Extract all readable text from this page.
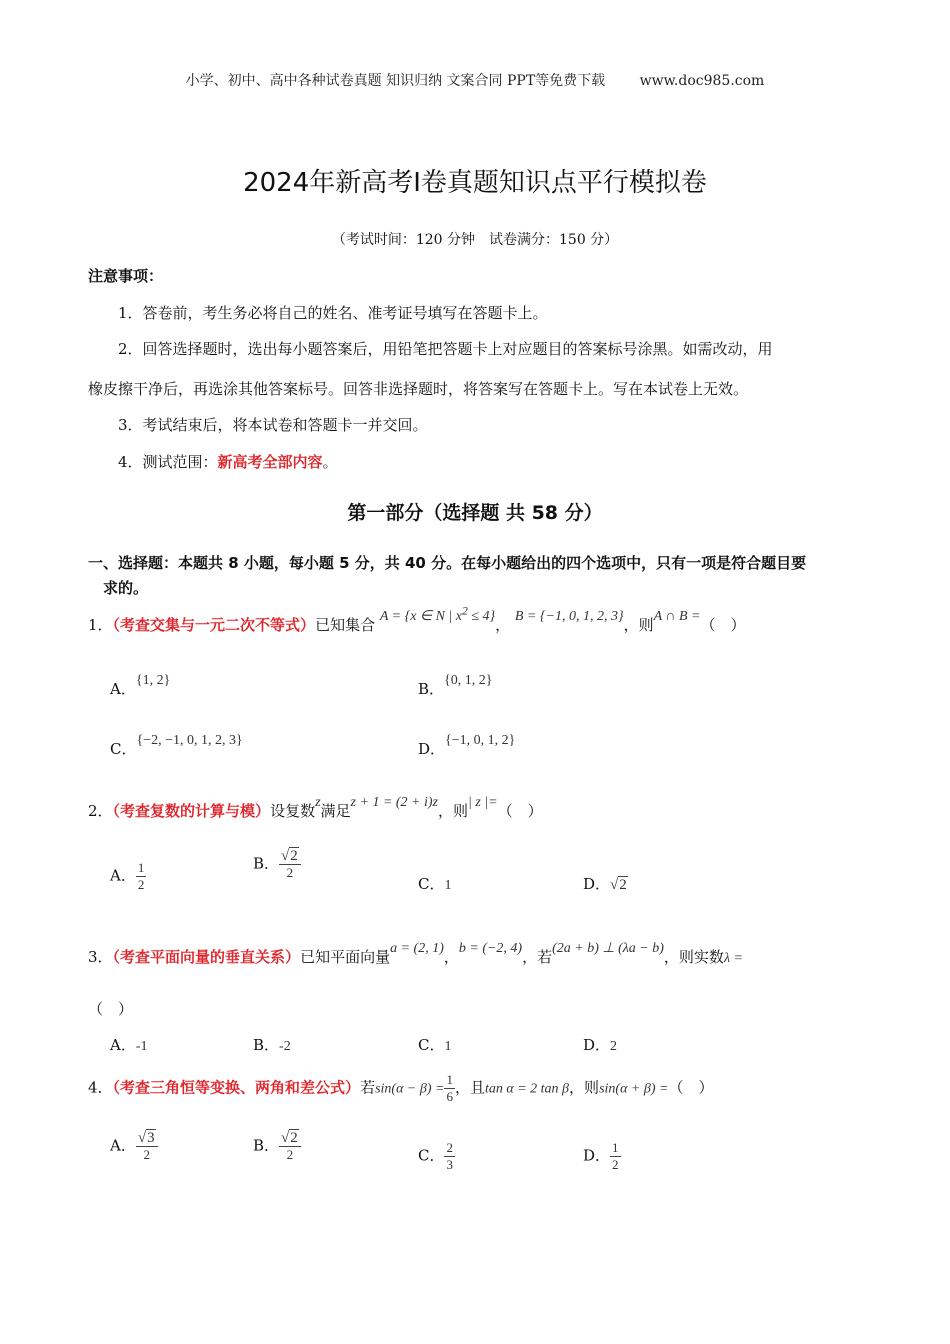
小学、初中、高中各种试卷真题 知识归纳 文案合同 PPT等免费下载 www.doc985.com
2024年新高考Ⅰ卷真题知识点平行模拟卷
（考试时间：120 分钟　试卷满分：150 分）
注意事项：
1．答卷前，考生务必将自己的姓名、准考证号填写在答题卡上。
2．回答选择题时，选出每小题答案后，用铅笔把答题卡上对应题目的答案标号涂黑。如需改动，用
橡皮擦干净后，再选涂其他答案标号。回答非选择题时，将答案写在答题卡上。写在本试卷上无效。
3．考试结束后，将本试卷和答题卡一并交回。
4．测试范围：新高考全部内容。
第一部分（选择题 共 58 分）
一、选择题：本题共 8 小题，每小题 5 分，共 40 分。在每小题给出的四个选项中，只有一项是符合题目要
求的。
1．（考查交集与一元二次不等式）已知集合 A = {x ∈ N | $x^2 \le 4$}， B = {−1, 0, 1, 2, 3}，则A ∩ B =（　）
A．{1, 2}	B．{0, 1, 2}
C．{−2, −1, 0, 1, 2, 3}	D．{−1, 0, 1, 2}
2．（考查复数的计算与模）设复数z满足z + 1 = (2 + i)z，则| z |=（　）
A． $\frac{1}{2}$	B． $\frac{√2}{2}$
C．1	D．√2
3．（考查平面向量的垂直关系）已知平面向量a = (2, 1)，b = (−2, 4)，若(2a + b) ⊥ (λa − b)，则实数λ =
（　）
A．-1	B．-2	C．1	D．2
4．（考查三角恒等变换、两角和差公式）若$\sin(\alpha - \beta) = \frac{1}{6}$ ，且tan α = 2 tan β，则sin(α + β) =（　）
A． $\frac{√3}{2}$	B． $\frac{√2}{2}$	C． $\frac{2}{3}$	D． $\frac{1}{2}$
